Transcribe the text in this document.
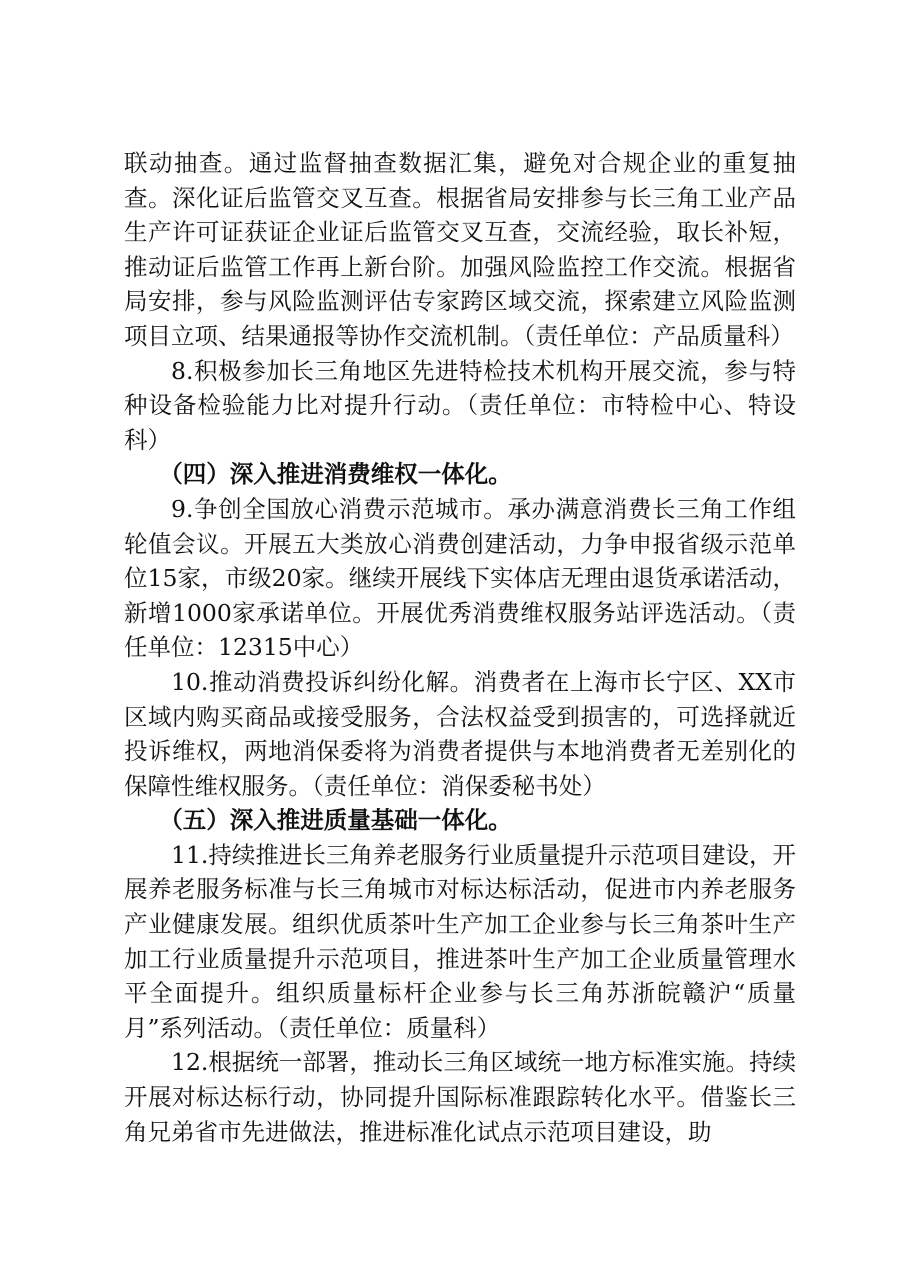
联动抽查。通过监督抽查数据汇集，避免对合规企业的重复抽查。深化证后监管交叉互查。根据省局安排参与长三角工业产品生产许可证获证企业证后监管交叉互查，交流经验，取长补短，推动证后监管工作再上新台阶。加强风险监控工作交流。根据省局安排，参与风险监测评估专家跨区域交流，探索建立风险监测项目立项、结果通报等协作交流机制。（责任单位：产品质量科）

8.积极参加长三角地区先进特检技术机构开展交流，参与特种设备检验能力比对提升行动。（责任单位：市特检中心、特设科）

（四）深入推进消费维权一体化。

9.争创全国放心消费示范城市。承办满意消费长三角工作组轮值会议。开展五大类放心消费创建活动，力争申报省级示范单位15家，市级20家。继续开展线下实体店无理由退货承诺活动，新增1000家承诺单位。开展优秀消费维权服务站评选活动。（责任单位：12315中心）

10.推动消费投诉纠纷化解。消费者在上海市长宁区、XX市区域内购买商品或接受服务，合法权益受到损害的，可选择就近投诉维权，两地消保委将为消费者提供与本地消费者无差别化的保障性维权服务。（责任单位：消保委秘书处）

（五）深入推进质量基础一体化。

11.持续推进长三角养老服务行业质量提升示范项目建设，开展养老服务标准与长三角城市对标达标活动，促进市内养老服务产业健康发展。组织优质茶叶生产加工企业参与长三角茶叶生产加工行业质量提升示范项目，推进茶叶生产加工企业质量管理水平全面提升。组织质量标杆企业参与长三角苏浙皖赣沪“质量月”系列活动。（责任单位：质量科）

12.根据统一部署，推动长三角区域统一地方标准实施。持续开展对标达标行动，协同提升国际标准跟踪转化水平。借鉴长三角兄弟省市先进做法，推进标准化试点示范项目建设，助
